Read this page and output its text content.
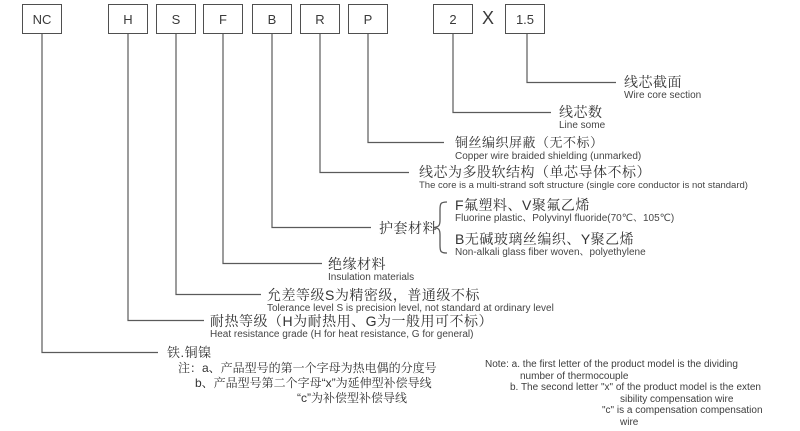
NC	H	S	F	B	R	P	2	X	1.5
线芯截面
Wire core section
线芯数
Line some
铜丝编织屏蔽（无不标）
Copper wire braided shielding (unmarked)
线芯为多股软结构（单芯导体不标）
The core is a multi-strand soft structure (single core conductor is not standard)
护套材料
F氟塑料、V聚氟乙烯
Fluorine plastic、Polyvinyl fluoride(70℃、105℃)
B无碱玻璃丝编织、Y聚乙烯
Non-alkali glass fiber woven、polyethylene
绝缘材料
Insulation materials
允差等级S为精密级，普通级不标
Tolerance level S is precision level, not standard at ordinary level
耐热等级（H为耐热用、G为一般用可不标）
Heat resistance grade (H for heat resistance, G for general)
铁.铜镍
注：a、产品型号的第一个字母为热电偶的分度号
b、产品型号第二个字母“x”为延伸型补偿导线
“c”为补偿型补偿导线
Note: a. the first letter of the product model is the dividing
number of thermocouple
b. The second letter "x" of the product model is the exten
sibility compensation wire
"c" is a compensation compensation
wire
